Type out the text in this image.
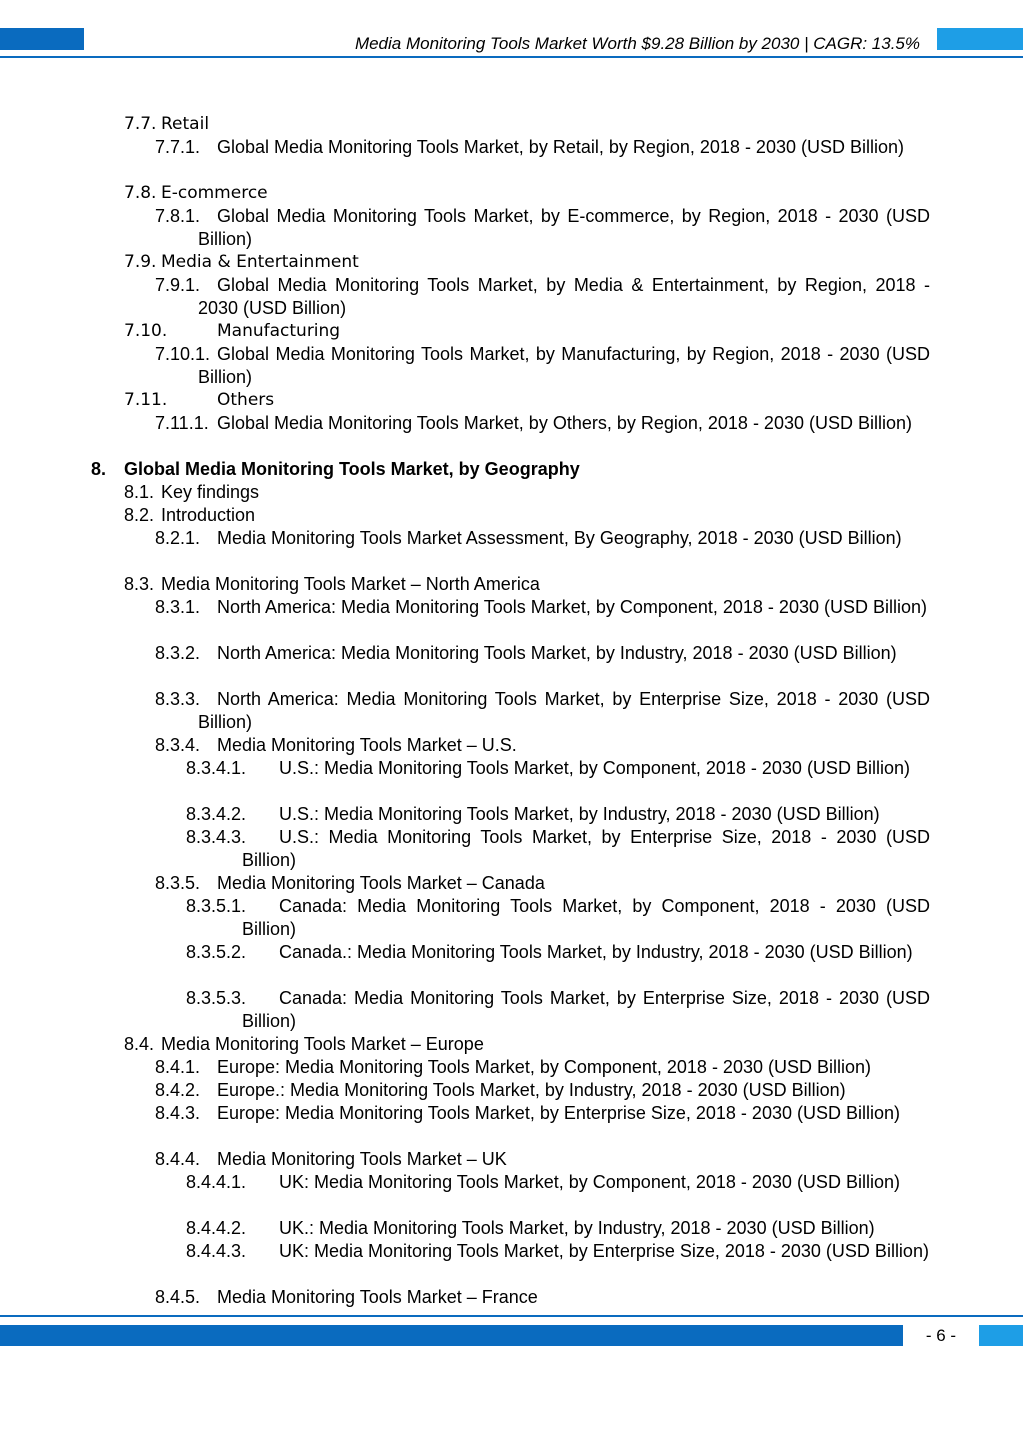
Media Monitoring Tools Market Worth $9.28 Billion by 2030 | CAGR: 13.5%
7.7. Retail
7.7.1. Global Media Monitoring Tools Market, by Retail, by Region, 2018 - 2030 (USD Billion)
7.8. E-commerce
7.8.1. Global Media Monitoring Tools Market, by E-commerce, by Region, 2018 - 2030 (USD Billion)
7.9. Media & Entertainment
7.9.1. Global Media Monitoring Tools Market, by Media & Entertainment, by Region, 2018 - 2030 (USD Billion)
7.10.	Manufacturing
7.10.1. Global Media Monitoring Tools Market, by Manufacturing, by Region, 2018 - 2030 (USD Billion)
7.11.	Others
7.11.1. Global Media Monitoring Tools Market, by Others, by Region, 2018 - 2030 (USD Billion)
8. Global Media Monitoring Tools Market, by Geography
8.1. Key findings
8.2. Introduction
8.2.1. Media Monitoring Tools Market Assessment, By Geography, 2018 - 2030 (USD Billion)
8.3. Media Monitoring Tools Market – North America
8.3.1. North America: Media Monitoring Tools Market, by Component, 2018 - 2030 (USD Billion)
8.3.2. North America: Media Monitoring Tools Market, by Industry, 2018 - 2030 (USD Billion)
8.3.3. North America: Media Monitoring Tools Market, by Enterprise Size, 2018 - 2030 (USD Billion)
8.3.4. Media Monitoring Tools Market – U.S.
8.3.4.1.	U.S.: Media Monitoring Tools Market, by Component, 2018 - 2030 (USD Billion)
8.3.4.2.	U.S.: Media Monitoring Tools Market, by Industry, 2018 - 2030 (USD Billion)
8.3.4.3.	U.S.: Media Monitoring Tools Market, by Enterprise Size, 2018 - 2030 (USD Billion)
8.3.5. Media Monitoring Tools Market – Canada
8.3.5.1.	Canada: Media Monitoring Tools Market, by Component, 2018 - 2030 (USD Billion)
8.3.5.2.	Canada.: Media Monitoring Tools Market, by Industry, 2018 - 2030 (USD Billion)
8.3.5.3.	Canada: Media Monitoring Tools Market, by Enterprise Size, 2018 - 2030 (USD Billion)
8.4. Media Monitoring Tools Market – Europe
8.4.1. Europe: Media Monitoring Tools Market, by Component, 2018 - 2030 (USD Billion)
8.4.2. Europe.: Media Monitoring Tools Market, by Industry, 2018 - 2030 (USD Billion)
8.4.3. Europe: Media Monitoring Tools Market, by Enterprise Size, 2018 - 2030 (USD Billion)
8.4.4. Media Monitoring Tools Market – UK
8.4.4.1.	UK: Media Monitoring Tools Market, by Component, 2018 - 2030 (USD Billion)
8.4.4.2.	UK.: Media Monitoring Tools Market, by Industry, 2018 - 2030 (USD Billion)
8.4.4.3.	UK: Media Monitoring Tools Market, by Enterprise Size, 2018 - 2030 (USD Billion)
8.4.5. Media Monitoring Tools Market – France
- 6 -
